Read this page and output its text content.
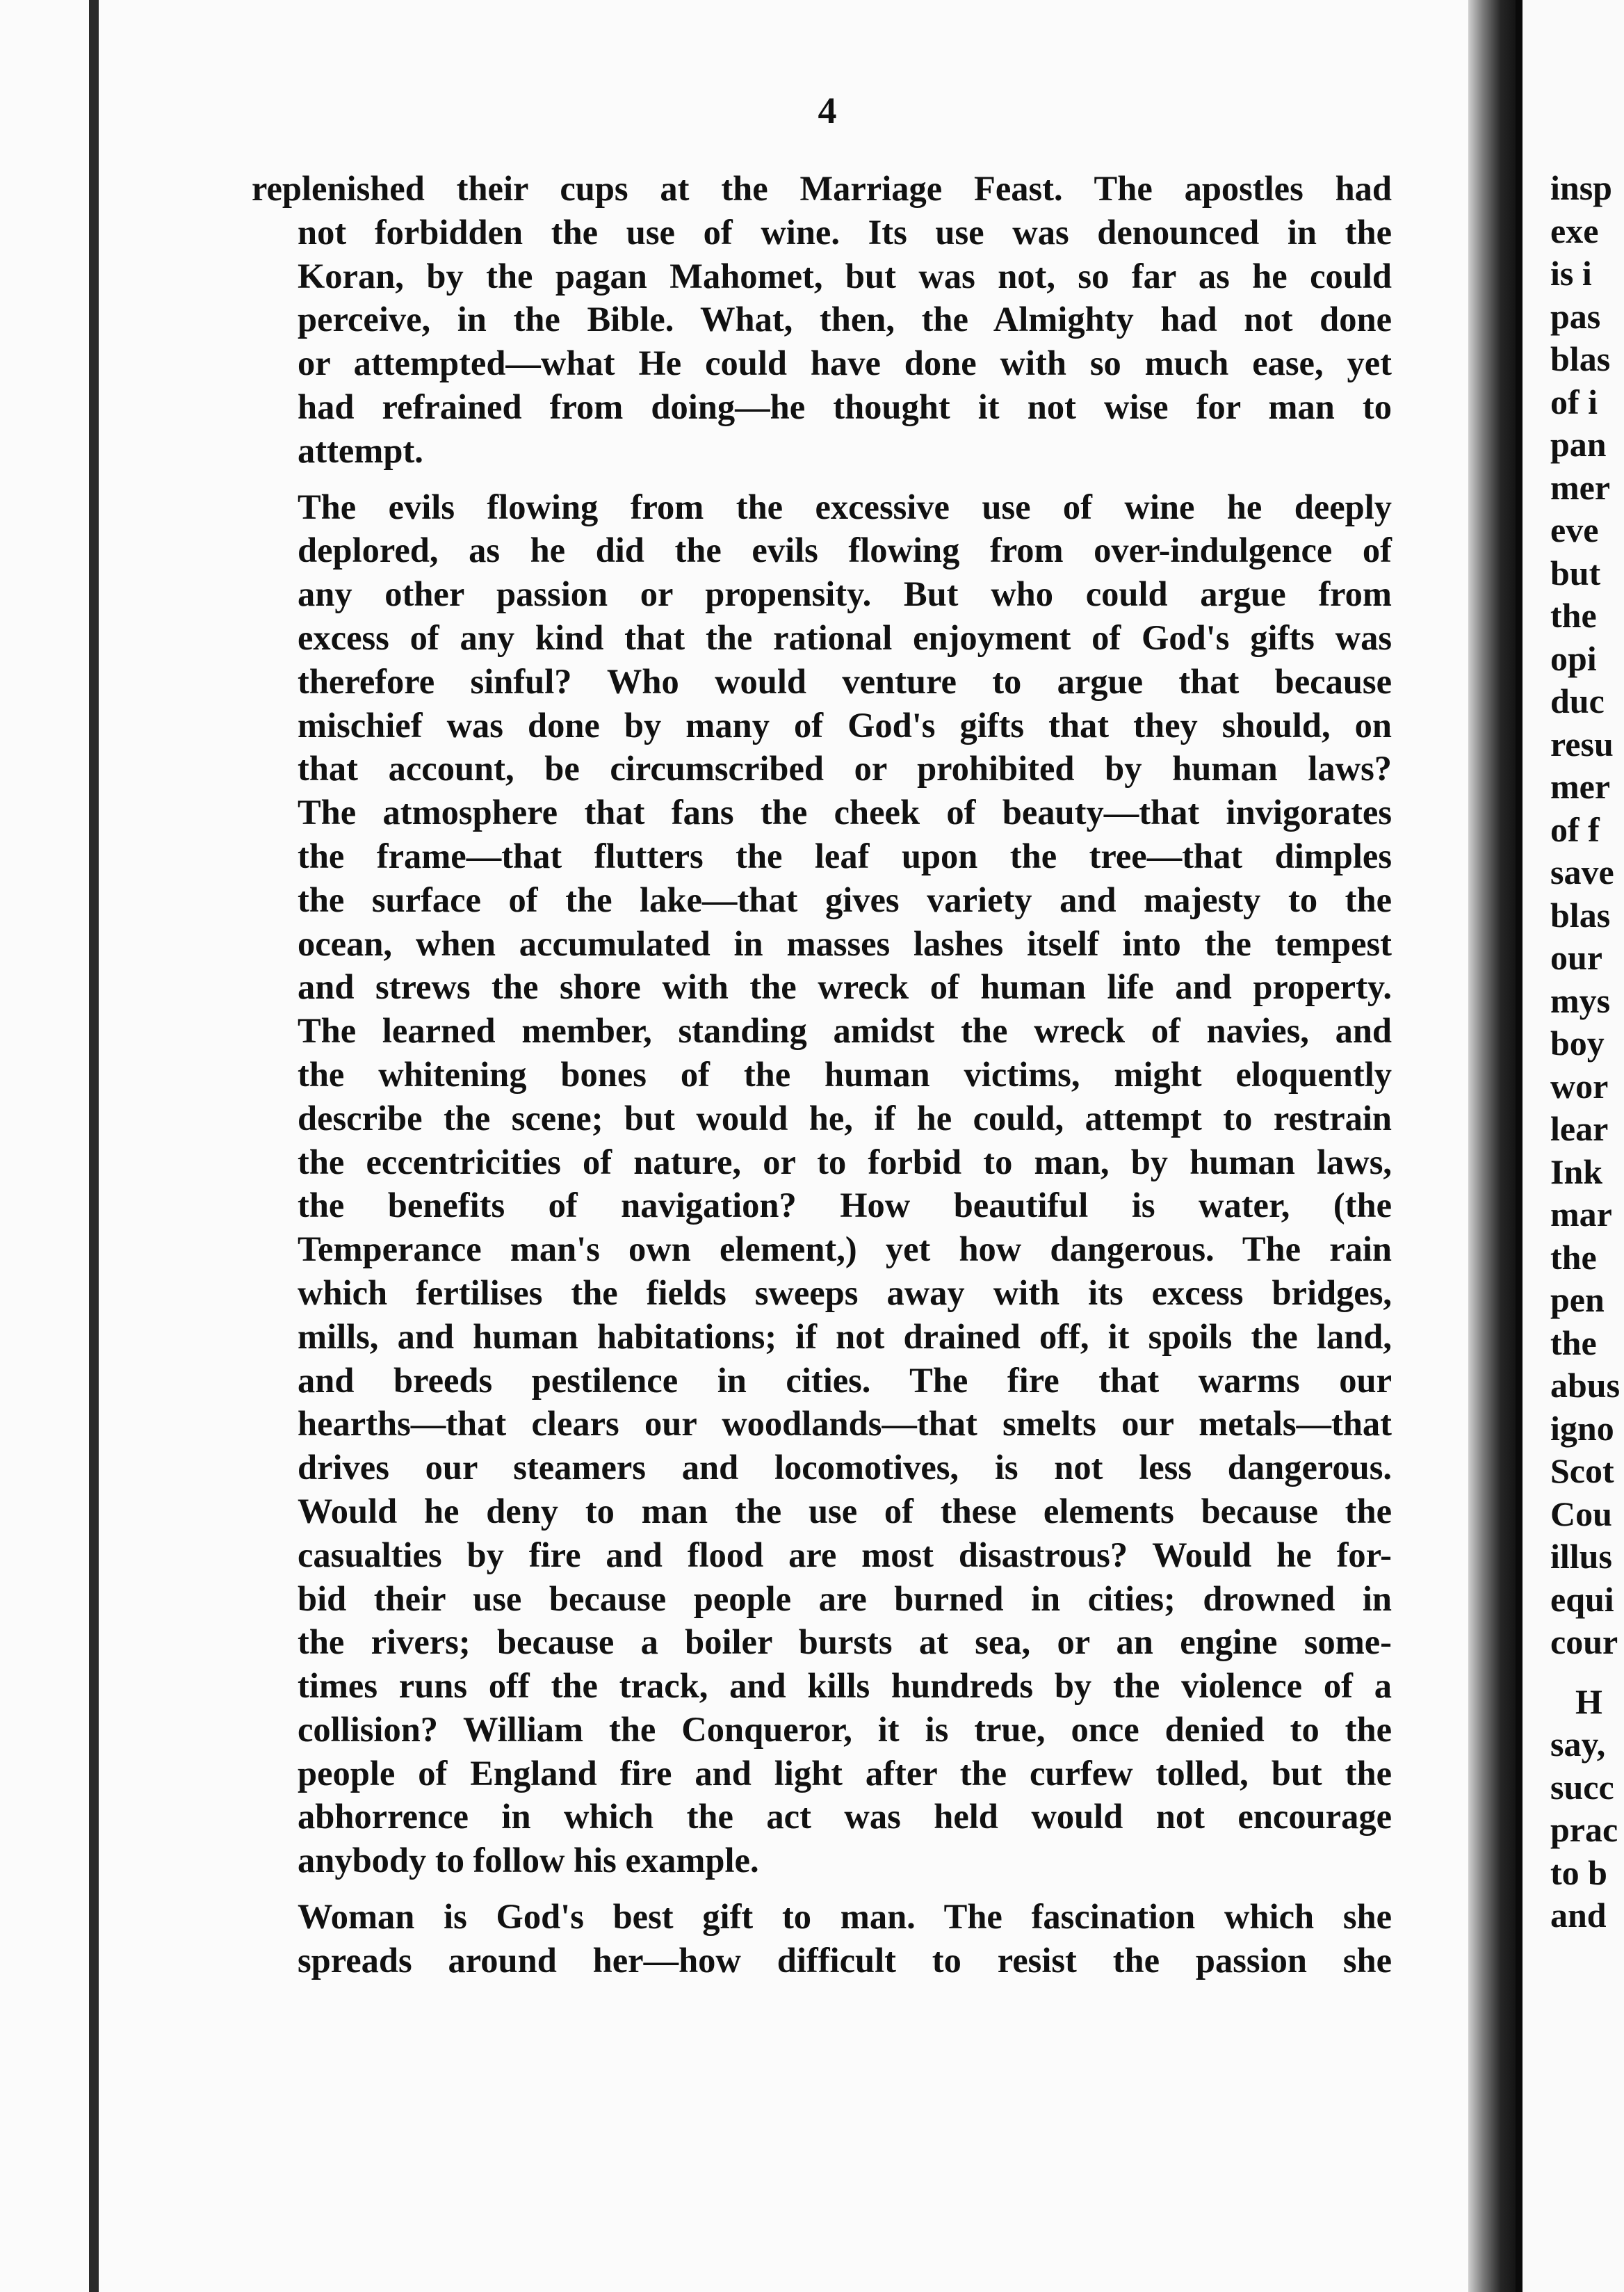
4

replenished their cups at the Marriage Feast. The apostles had

not forbidden the use of wine. Its use was denounced in the

Koran, by the pagan Mahomet, but was not, so far as he could

perceive, in the Bible. What, then, the Almighty had not done

or attempted—what He could have done with so much ease, yet

had refrained from doing—he thought it not wise for man to

attempt.

The evils flowing from the excessive use of wine he deeply

deplored, as he did the evils flowing from over-indulgence of

any other passion or propensity. But who could argue from

excess of any kind that the rational enjoyment of God's gifts was

therefore sinful? Who would venture to argue that because

mischief was done by many of God's gifts that they should, on

that account, be circumscribed or prohibited by human laws?

The atmosphere that fans the cheek of beauty—that invigorates

the frame—that flutters the leaf upon the tree—that dimples

the surface of the lake—that gives variety and majesty to the

ocean, when accumulated in masses lashes itself into the tempest

and strews the shore with the wreck of human life and property.

The learned member, standing amidst the wreck of navies, and

the whitening bones of the human victims, might eloquently

describe the scene; but would he, if he could, attempt to restrain

the eccentricities of nature, or to forbid to man, by human laws,

the benefits of navigation? How beautiful is water, (the

Temperance man's own element,) yet how dangerous. The rain

which fertilises the fields sweeps away with its excess bridges,

mills, and human habitations; if not drained off, it spoils the land,

and breeds pestilence in cities. The fire that warms our

hearths—that clears our woodlands—that smelts our metals—that

drives our steamers and locomotives, is not less dangerous.

Would he deny to man the use of these elements because the

casualties by fire and flood are most disastrous? Would he for-

bid their use because people are burned in cities; drowned in

the rivers; because a boiler bursts at sea, or an engine some-

times runs off the track, and kills hundreds by the violence of a

collision? William the Conqueror, it is true, once denied to the

people of England fire and light after the curfew tolled, but the

abhorrence in which the act was held would not encourage

anybody to follow his example.

Woman is God's best gift to man. The fascination which she

spreads around her—how difficult to resist the passion she

insp
exe
is i
pas
blas
of i
pan
mer
eve
but
the
opi
duc
resu
mer
of f
save
blas
our
mys
boy
wor
lear
Ink
mar
the
pen
the
abus
igno
Scot
Cou
illus
equi
cour
H
say,
succ
prac
to b
and
